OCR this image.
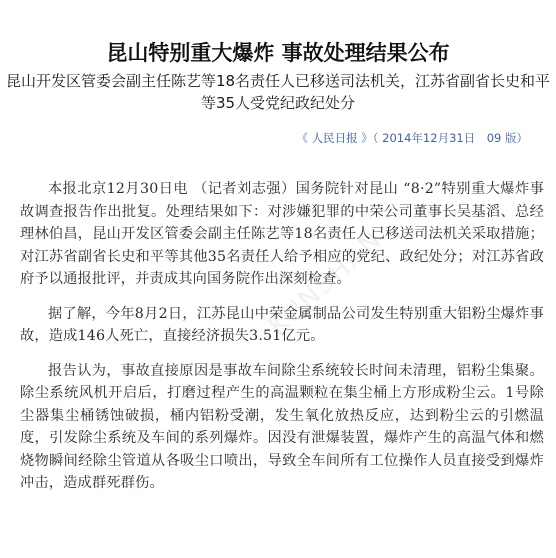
昆山特别重大爆炸 事故处理结果公布
昆山开发区管委会副主任陈艺等18名责任人已移送司法机关，江苏省副省长史和平等35人受党纪政纪处分
《 人民日报 》（ 2014年12月31日　09 版）

本报北京12月30日电 （记者刘志强）国务院针对昆山 “8·2”特别重大爆炸事故调查报告作出批复。处理结果如下：对涉嫌犯罪的中荣公司董事长吴基滔、总经理林伯昌，昆山开发区管委会副主任陈艺等18名责任人已移送司法机关采取措施；对江苏省副省长史和平等其他35名责任人给予相应的党纪、政纪处分；对江苏省政府予以通报批评，并责成其向国务院作出深刻检查。

据了解，今年8月2日，江苏昆山中荣金属制品公司发生特别重大铝粉尘爆炸事故，造成146人死亡，直接经济损失3.51亿元。

报告认为，事故直接原因是事故车间除尘系统较长时间未清理，铝粉尘集聚。除尘系统风机开启后，打磨过程产生的高温颗粒在集尘桶上方形成粉尘云。1号除尘器集尘桶锈蚀破损，桶内铝粉受潮，发生氧化放热反应，达到粉尘云的引燃温度，引发除尘系统及车间的系列爆炸。因没有泄爆装置，爆炸产生的高温气体和燃烧物瞬间经除尘管道从各吸尘口喷出，导致全车间所有工位操作人员直接受到爆炸冲击，造成群死群伤。

KUNSHAN
